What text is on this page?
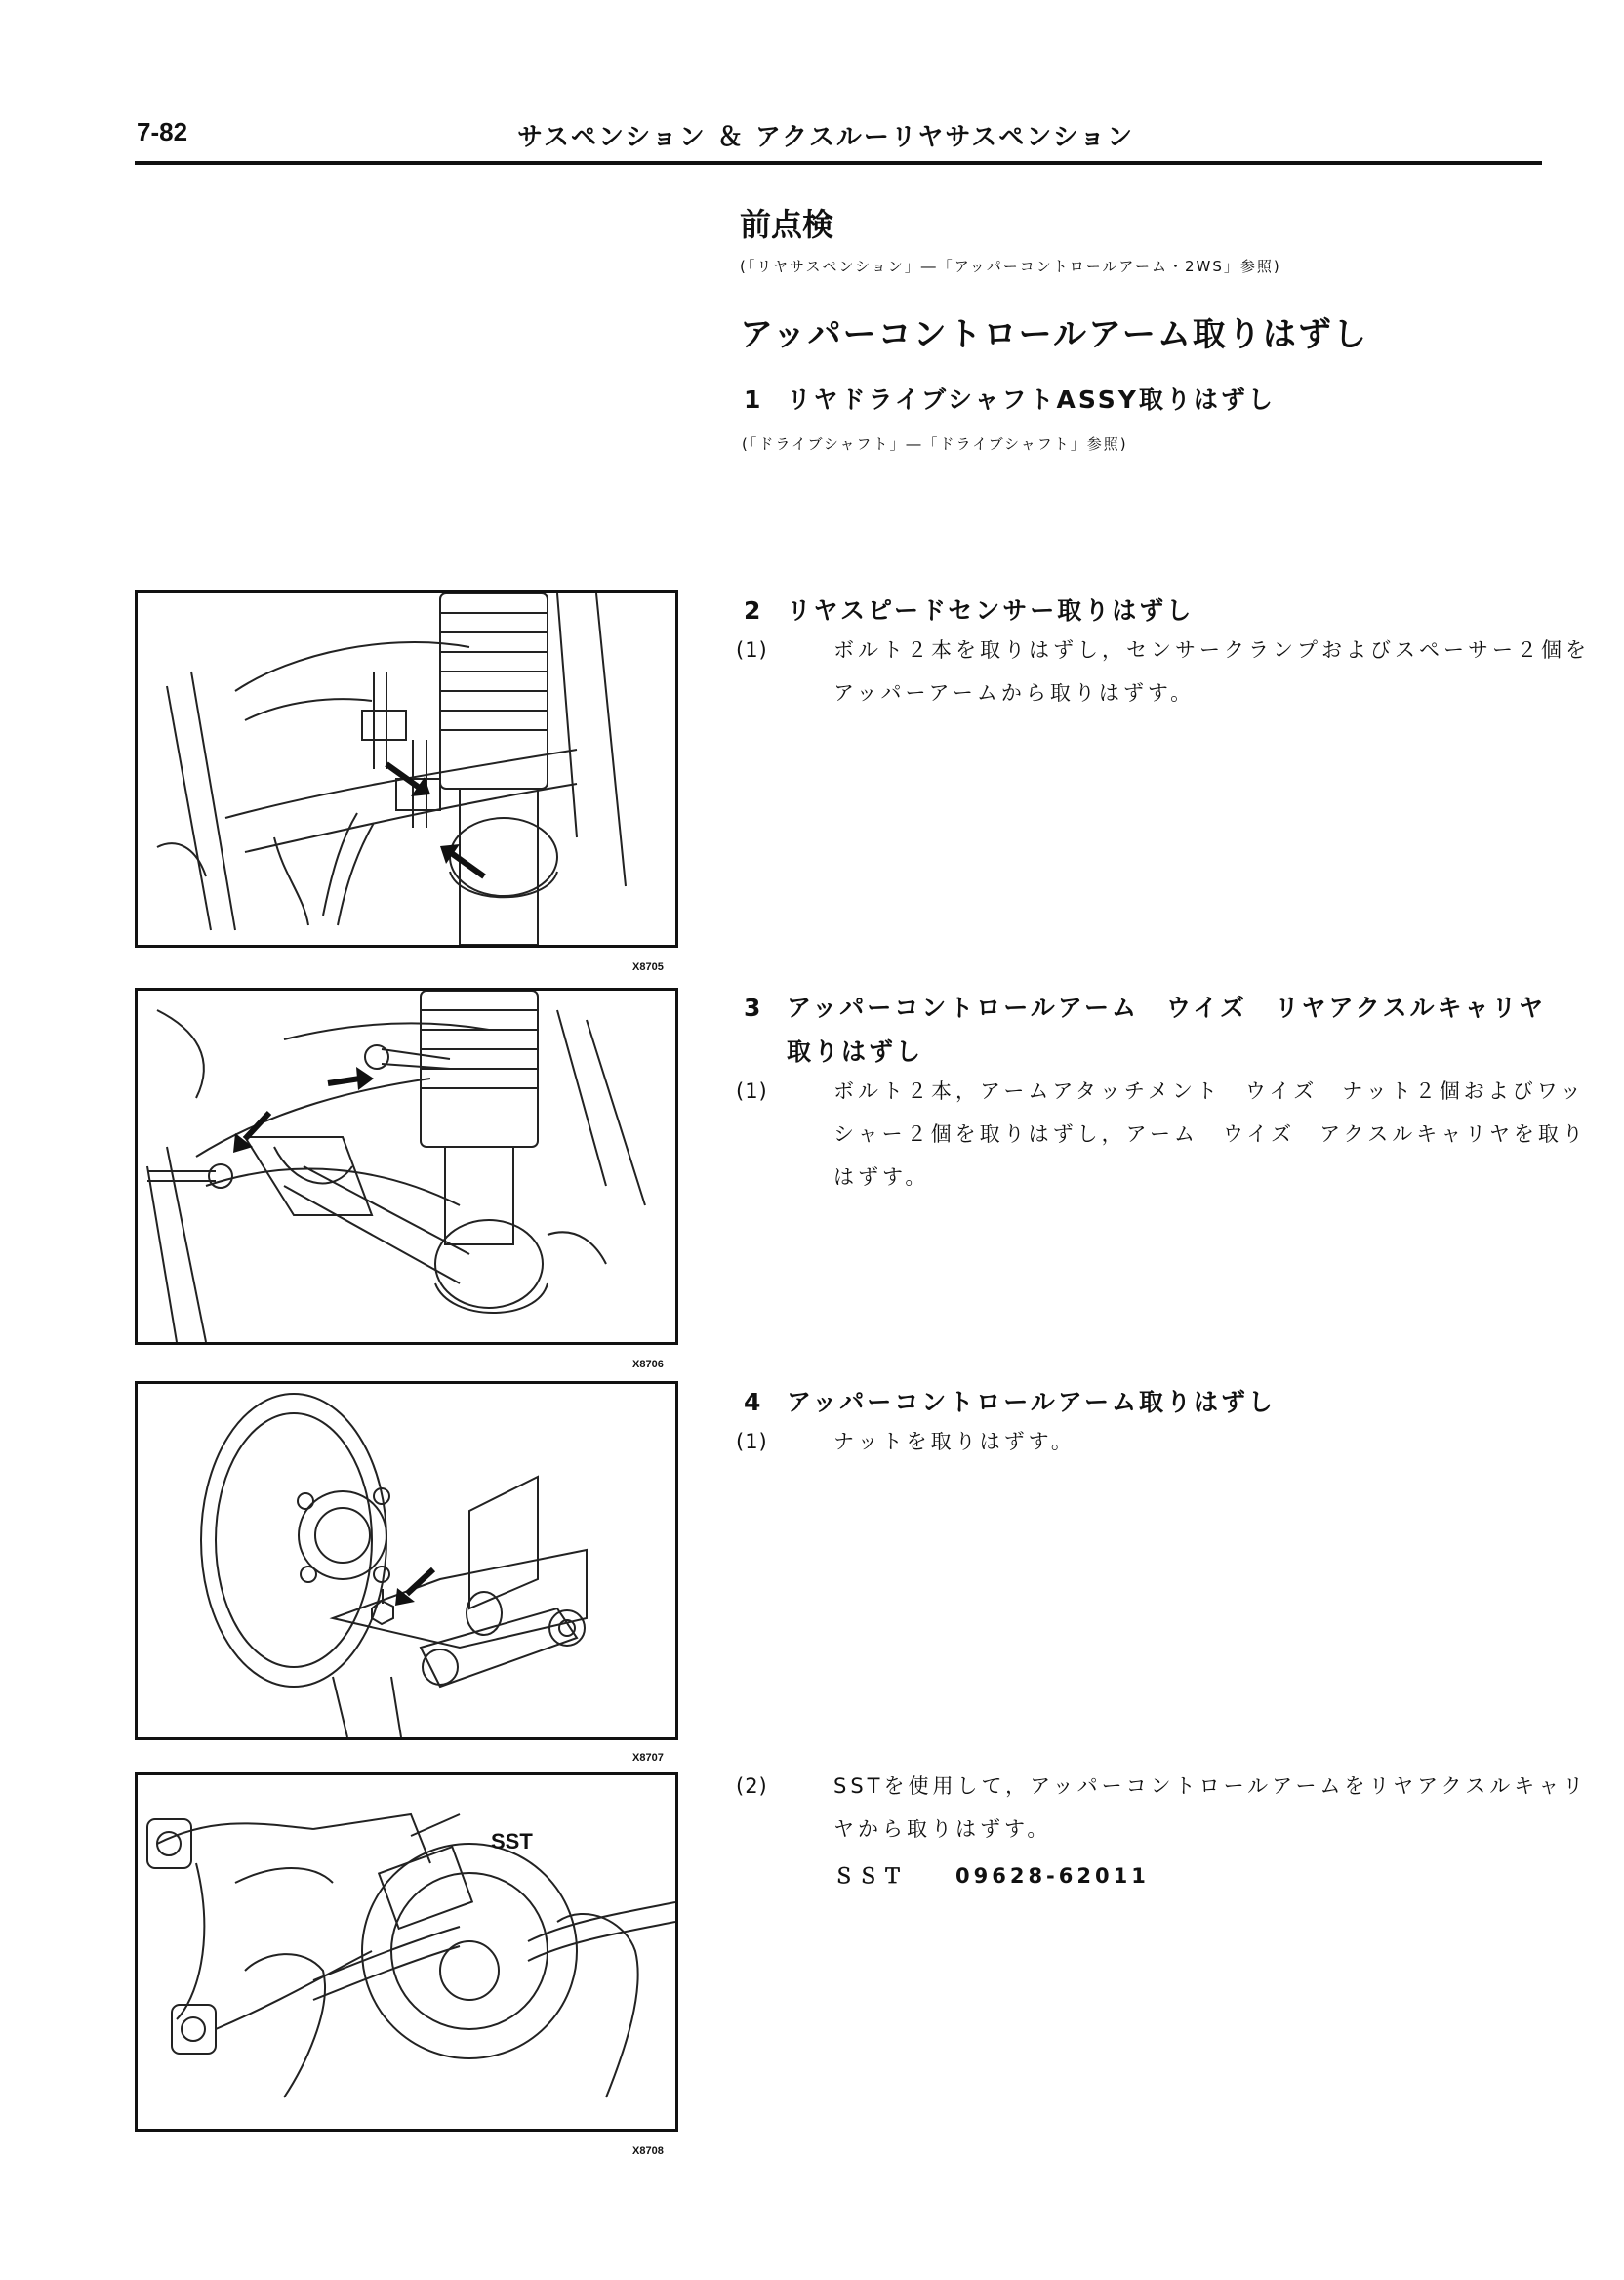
7-82	サスペンション ＆ アクスルーリヤサスペンション
前点検
(「リヤサスペンション」―「アッパーコントロールアーム・2WS」参照)
アッパーコントロールアーム取りはずし
1 リヤドライブシャフトASSY取りはずし
(「ドライブシャフト」―「ドライブシャフト」参照)
2 リヤスピードセンサー取りはずし
(1)	ボルト２本を取りはずし，センサークランプおよびスペーサー２個をアッパーアームから取りはずす。
3 アッパーコントロールアーム　ウイズ　リヤアクスルキャリヤ
取りはずし
(1)	ボルト２本，アームアタッチメント　ウイズ　ナット２個およびワッシャー２個を取りはずし，アーム　ウイズ　アクスルキャリヤを取りはずす。
4 アッパーコントロールアーム取りはずし
(1)	ナットを取りはずす。
(2)	SSTを使用して，アッパーコントロールアームをリヤアクスルキャリヤから取りはずす。
ＳＳＴ 09628-62011
X8705
X8706
X8707
SST
X8708
